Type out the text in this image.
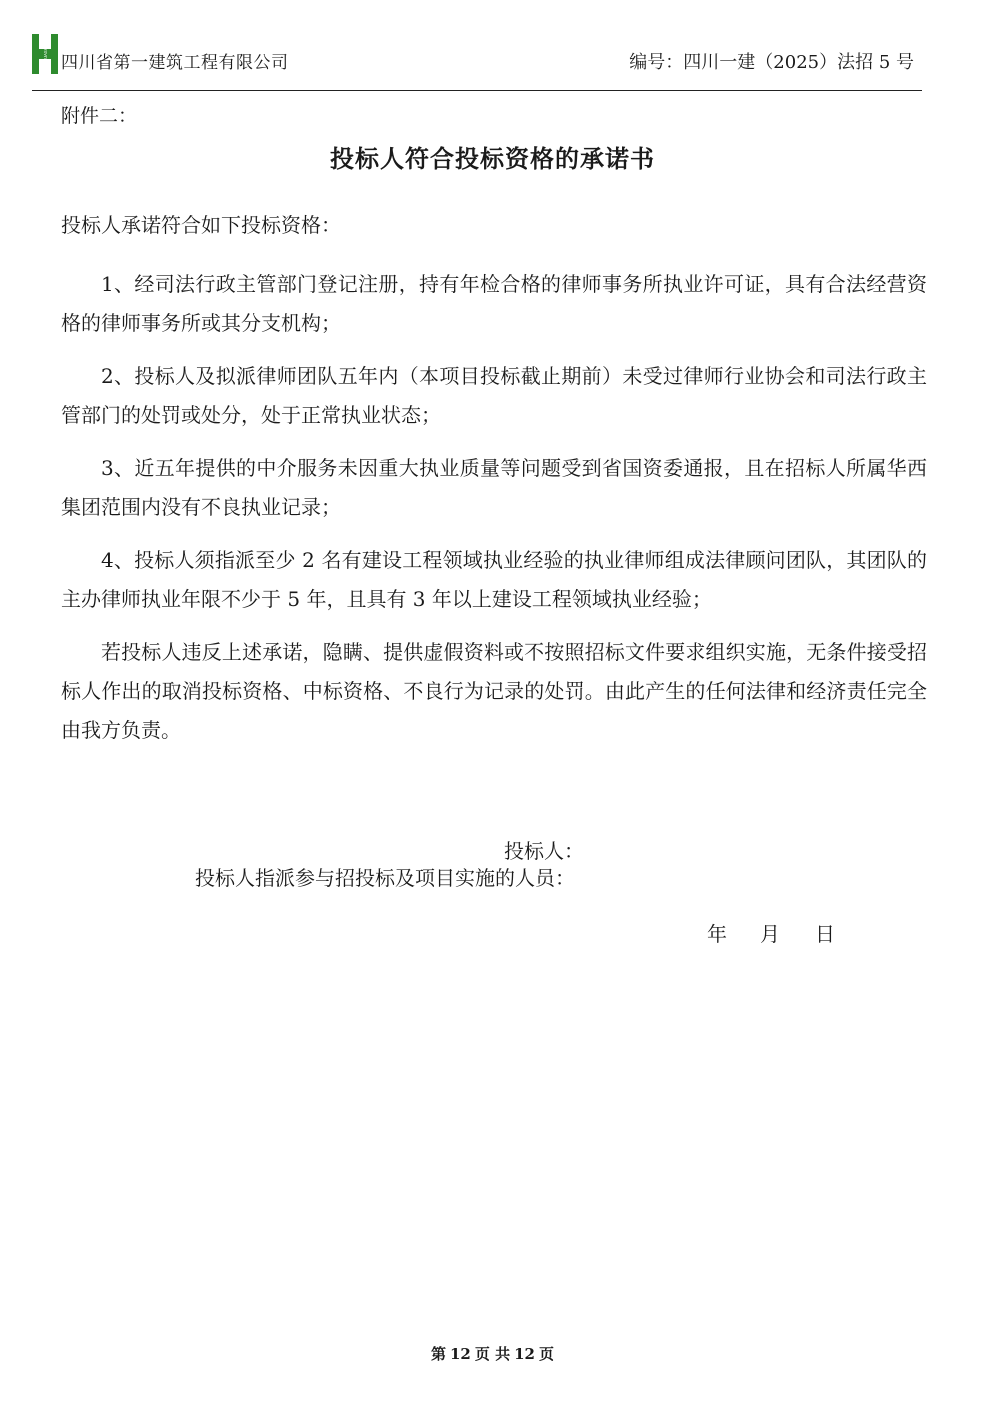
HUASHI 四川省第一建筑工程有限公司	编号：四川一建（2025）法招 5 号
附件二：
投标人符合投标资格的承诺书

投标人承诺符合如下投标资格：

1、经司法行政主管部门登记注册，持有年检合格的律师事务所执业许可证，具有合法经营资格的律师事务所或其分支机构；

2、投标人及拟派律师团队五年内（本项目投标截止期前）未受过律师行业协会和司法行政主管部门的处罚或处分，处于正常执业状态；

3、近五年提供的中介服务未因重大执业质量等问题受到省国资委通报，且在招标人所属华西集团范围内没有不良执业记录；

4、投标人须指派至少 2 名有建设工程领域执业经验的执业律师组成法律顾问团队，其团队的主办律师执业年限不少于 5 年，且具有 3 年以上建设工程领域执业经验；

若投标人违反上述承诺，隐瞒、提供虚假资料或不按照招标文件要求组织实施，无条件接受招标人作出的取消投标资格、中标资格、不良行为记录的处罚。由此产生的任何法律和经济责任完全由我方负责。

投标人：
投标人指派参与招投标及项目实施的人员：
年 月 日
第 12 页 共 12 页
